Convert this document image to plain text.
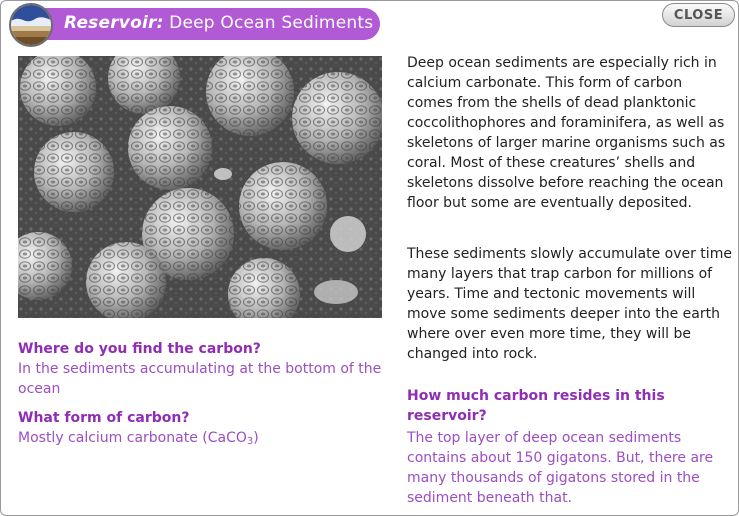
Reservoir: Deep Ocean Sediments	CLOSE
Where do you find the carbon?
In the sediments accumulating at the bottom of the ocean
What form of carbon?
Mostly calcium carbonate (CaCO3)

Deep ocean sediments are especially rich in calcium carbonate. This form of carbon comes from the shells of dead planktonic coccolithophores and foraminifera, as well as skeletons of larger marine organisms such as coral. Most of these creatures’ shells and skeletons dissolve before reaching the ocean floor but some are eventually deposited.

These sediments slowly accumulate over time many layers that trap carbon for millions of years. Time and tectonic movements will move some sediments deeper into the earth where over even more time, they will be changed into rock.

How much carbon resides in this reservoir?
The top layer of deep ocean sediments contains about 150 gigatons. But, there are many thousands of gigatons stored in the sediment beneath that.
